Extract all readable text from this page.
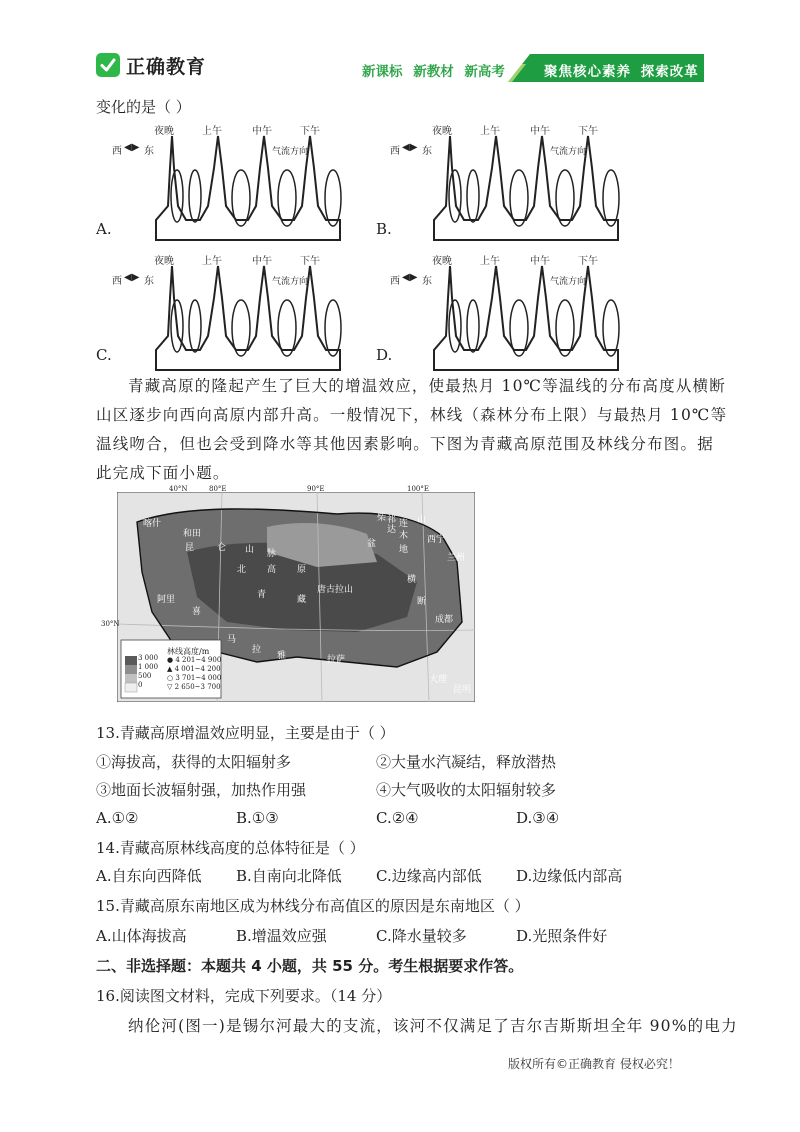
正确教育	新课标 新教材 新高考	聚焦核心素养 探索改革
变化的是（ ）
夜晚	上午	中午	下午
西 ◀▶ 东	气流方向
A.
夜晚	上午	中午	下午
西 ◀▶ 东	气流方向
B.
夜晚	上午	中午	下午
西 ◀▶ 东	气流方向
C.
夜晚	上午	中午	下午
西 ◀▶ 东	气流方向
D.
青藏高原的隆起产生了巨大的增温效应，使最热月 10℃等温线的分布高度从横断
山区逐步向西向高原内部升高。一般情况下，林线（森林分布上限）与最热月 10℃等
温线吻合，但也会受到降水等其他因素影响。下图为青藏高原范围及林线分布图。据
此完成下面小题。
40°N	80°E	90°E	100°E
30°N
林线高度/m
3 000
1 000
500
0
● 4 201~4 900
▲ 4 001~4 200
○ 3 701~4 000
▽ 2 650~3 700
喀什
和田
昆	仑 山 脉
北 高 原
柴
达
木
盆
地
青	藏
唐古拉山
横
断
拉萨
兰州
西宁
成都
喜
马
拉
雅
大理
昆明
阿里
祁 连 山
13.青藏高原增温效应明显，主要是由于（ ）
①海拔高，获得的太阳辐射多	②大量水汽凝结，释放潜热
③地面长波辐射强，加热作用强	④大气吸收的太阳辐射较多
A.①②	B.①③	C.②④	D.③④
14.青藏高原林线高度的总体特征是（ ）
A.自东向西降低 B.自南向北降低 C.边缘高内部低 D.边缘低内部高
15.青藏高原东南地区成为林线分布高值区的原因是东南地区（ ）
A.山体海拔高	B.增温效应强	C.降水量较多	D.光照条件好
二、非选择题：本题共 4 小题，共 55 分。考生根据要求作答。
16.阅读图文材料，完成下列要求。（14 分）
纳伦河(图一)是锡尔河最大的支流，该河不仅满足了吉尔吉斯斯坦全年 90%的电力
版权所有©正确教育 侵权必究！
